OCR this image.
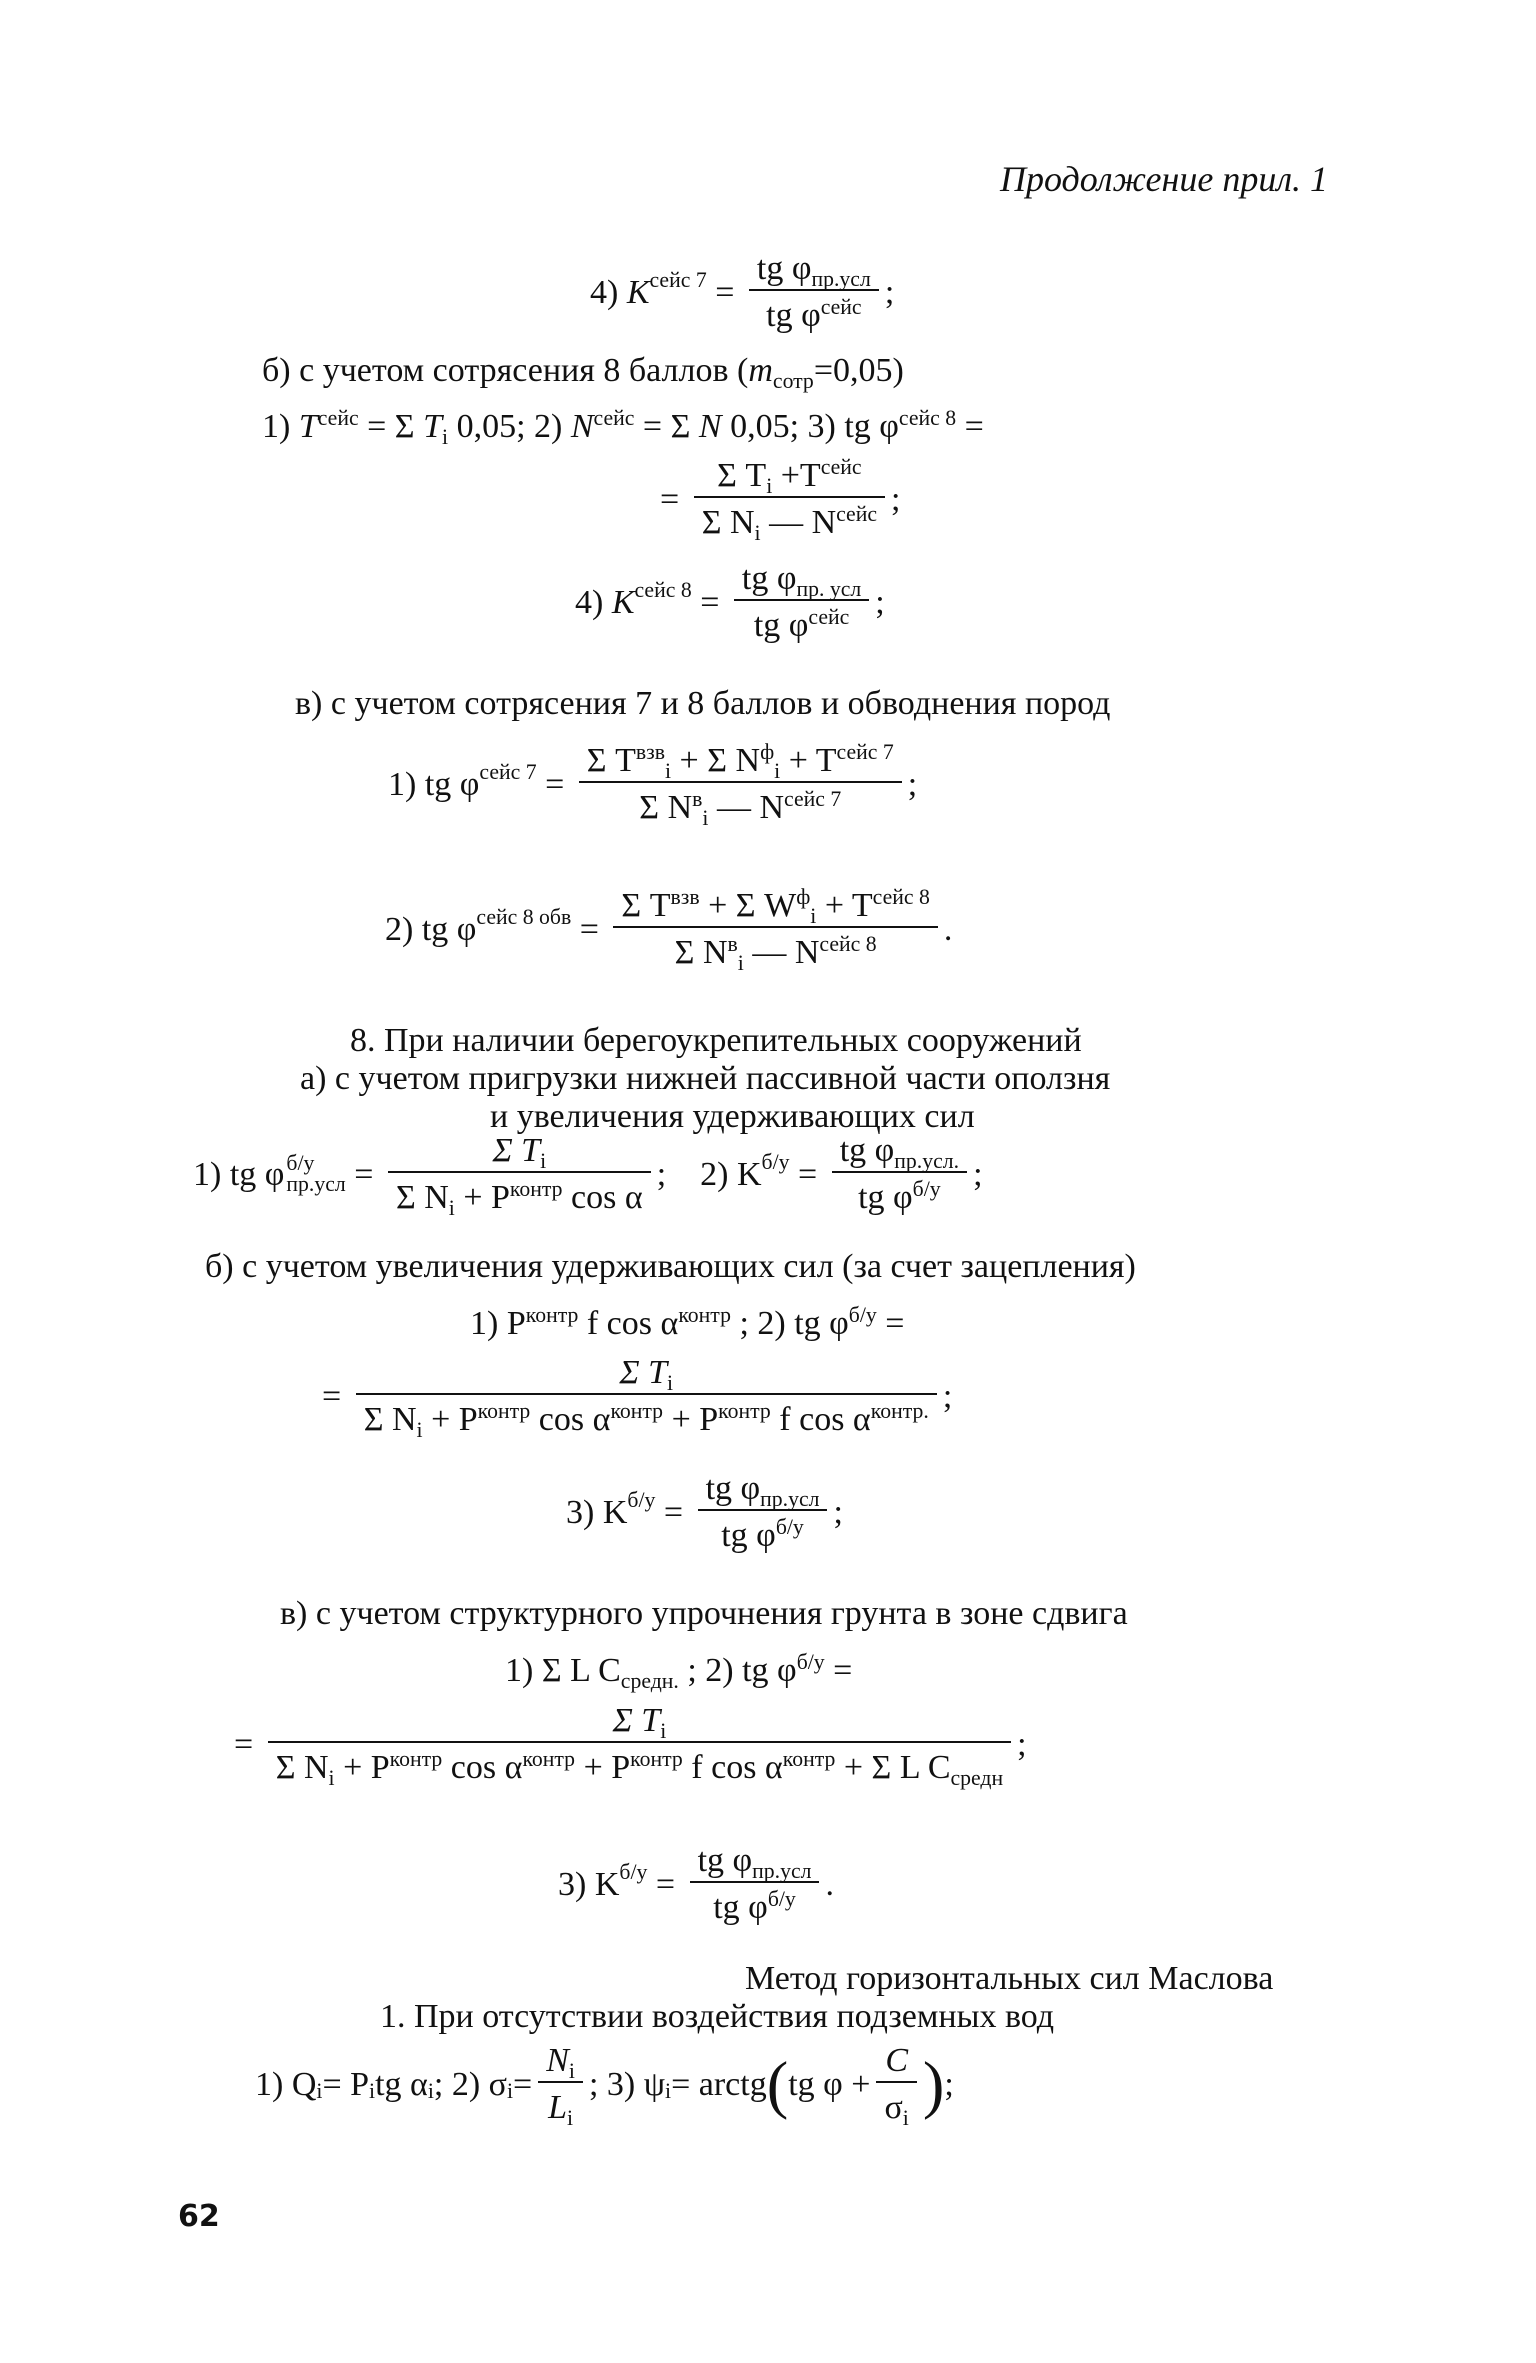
Продолжение прил. 1
4)
$K^{сейс 7} = \frac{tg \varphi_{пр.усл}}{tg \varphi^{сейс}}$ ;
б) с учетом сотрясения 8 баллов $(m_{сотр}=0,05)$
1) $T^{сейс} = \Sigma$ $T_i$ 0,05; 2) $N^{сейс} = \Sigma$ N 0,05; 3) tg $\varphi^{сейс 8}$ =
= $\frac{\Sigma T_i +T^{сейс}}{\Sigma N_i — N^{сейс}}$ ;
4)
$K^{сейс 8} = \frac{tg \varphi_{пр. усл}}{tg \varphi^{сейс}}$ ;
в) с учетом сотрясения 7 и 8 баллов и обводнения пород
1) tg $\varphi^{сейс 7} = \frac{\Sigma T^{взв}_i + \Sigma N^ф_i + T^{сейс 7}}{\Sigma N^в_i — N^{сейс 7}}$ ;
2) tg $\varphi^{сейс 8 обв} = \frac{\Sigma T^{взв} + \Sigma W^ф_i + T^{сейс 8}}{\Sigma N^в_i — N^{сейс 8}}$ .
8. При наличии берегоукрепительных сооружений
а) с учетом пригрузки нижней пассивной части оползня
и увеличения удерживающих сил
1) tg φ б/у
$пр.усл = \frac{\Sigma T_i}{\Sigma N_i + P^{контр} \cos \alpha}$ ;
2) $K^{б/у} = \frac{tg \varphi_{пр.усл.}}{tg \varphi^{б/у}}$ ;
б) с учетом увеличения удерживающих сил (за счет зацепления)
1) $P^{контр}$ f $\cos \alpha^{контр}$ ; 2) tg $\varphi^{б/у}$ =
= $\frac{\Sigma T_i}{\Sigma N_i + P^{контр} \cos \alpha^{контр} + P^{контр} f \cos \alpha^{контр.}}$ ;
3) $K^{б/у} = \frac{tg \varphi_{пр.усл}}{tg \varphi^{б/у}}$ ;
в) с учетом структурного упрочнения грунта в зоне сдвига
1) Σ L $C_{средн.}$ ; 2) tg $\varphi^{б/у}$ =
= $\frac{\Sigma T_i}{\Sigma N_i + P^{контр} \cos \alpha^{контр} + P^{контр} f \cos \alpha^{контр} + \Sigma L C_{средн}}$ ;
3) $K^{б/у} = \frac{tg \varphi_{пр.усл}}{tg \varphi^{б/у}}$ .
Метод горизонтальных сил Маслова
1. При отсутствии воздействия подземных вод
1) $Q_i = P_i$ tg $\alpha_i$ ; 2) $\sigma_i = \frac{N_i}{L_i}$ ; 3) $\psi_i$ = arctg ( tg $\varphi + \frac{C}{\sigma_i}$ ) ;
62
